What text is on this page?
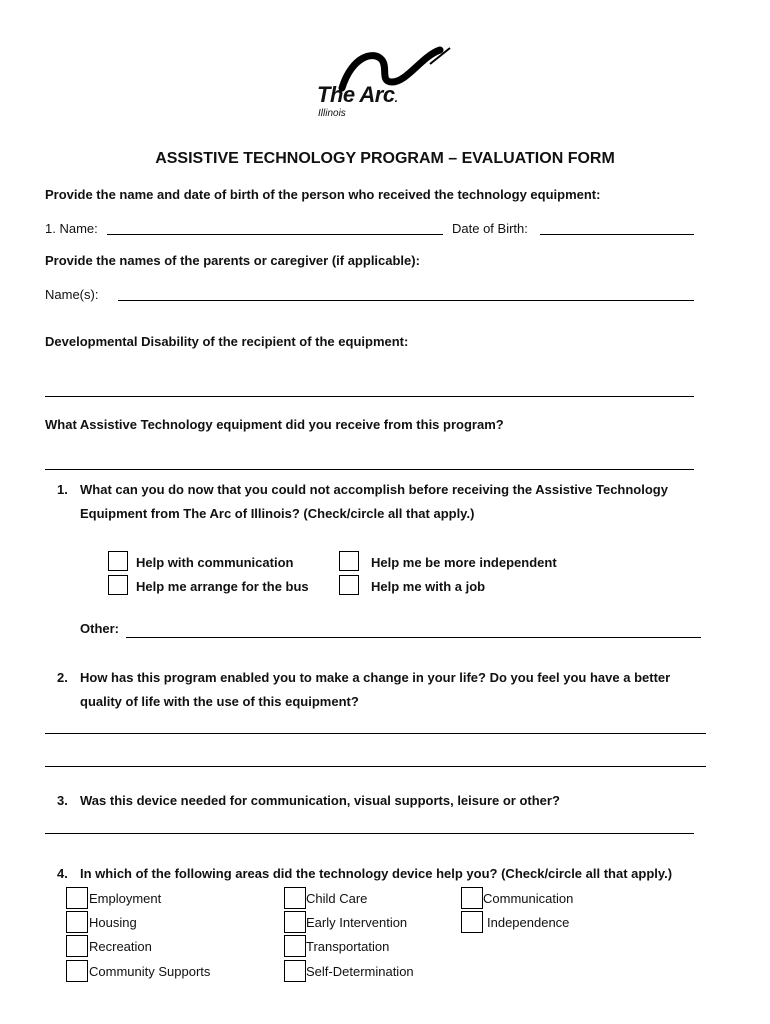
The Arc.
Illinois
ASSISTIVE TECHNOLOGY PROGRAM – EVALUATION FORM
Provide the name and date of birth of the person who received the technology equipment:
1. Name:	Date of Birth:
Provide the names of the parents or caregiver (if applicable):
Name(s):
Developmental Disability of the recipient of the equipment:
What Assistive Technology equipment did you receive from this program?
1. What can you do now that you could not accomplish before receiving the Assistive Technology
Equipment from The Arc of Illinois? (Check/circle all that apply.)
Help with communication
Help me arrange for the bus
Help me be more independent
Help me with a job
Other:
2. How has this program enabled you to make a change in your life? Do you feel you have a better
quality of life with the use of this equipment?
3. Was this device needed for communication, visual supports, leisure or other?
4. In which of the following areas did the technology device help you? (Check/circle all that apply.)
Employment
Housing
Recreation
Community Supports
Child Care
Early Intervention
Transportation
Self-Determination
Communication
Independence
